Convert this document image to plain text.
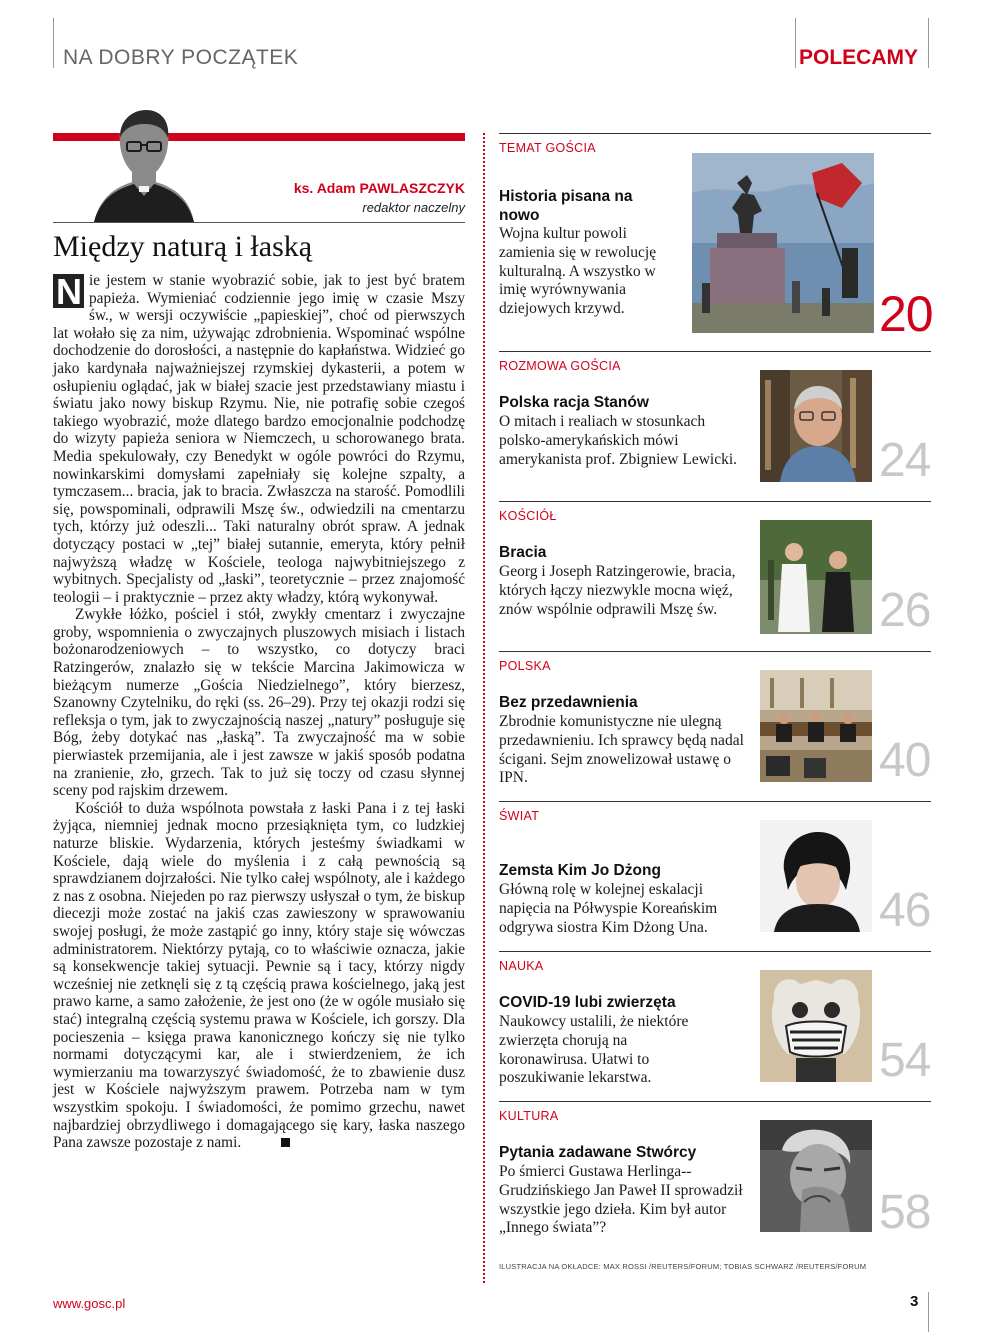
NA DOBRY POCZĄTEK	POLECAMY
ks. Adam PAWLASZCZYK
redaktor naczelny
Między naturą i łaską

N ie jestem w stanie wyobrazić sobie, jak to jest być bratem papieża. Wymieniać codziennie jego imię w czasie Mszy św., w wersji oczywiście „papieskiej”, choć od pierwszych lat wołało się za nim, używając zdrobnienia. Wspominać wspólne dochodzenie do dorosłości, a następnie do kapłaństwa. Widzieć go jako kardynała najważniejszej rzymskiej dykasterii, a potem w osłupieniu oglądać, jak w białej szacie jest przedstawiany miastu i światu jako nowy biskup Rzymu. Nie, nie potrafię sobie czegoś takiego wyobrazić, może dlatego bardzo emocjonalnie podchodzę do wizyty papieża seniora w Niemczech, u schorowanego brata. Media spekulowały, czy Benedykt w ogóle powróci do Rzymu, nowinkarskimi domysłami zapełniały się kolejne szpalty, a tymczasem... bracia, jak to bracia. Zwłaszcza na starość. Pomodlili się, powspominali, odprawili Mszę św., odwiedzili na cmentarzu tych, którzy już odeszli... Taki naturalny obrót spraw. A jednak dotyczący postaci w „tej” białej sutannie, emeryta, który pełnił najwyższą władzę w Kościele, teologa najwybitniejszego z wybitnych. Specjalisty od „łaski”, teoretycznie – przez znajomość teologii – i praktycznie – przez akty władzy, którą wykonywał.

Zwykłe łóżko, pościel i stół, zwykły cmentarz i zwyczajne groby, wspomnienia o zwyczajnych pluszowych misiach i listach bożonarodzeniowych – to wszystko, co dotyczy braci Ratzingerów, znalazło się w tekście Marcina Jakimowicza w bieżącym numerze „Gościa Niedzielnego”, który bierzesz, Szanowny Czytelniku, do ręki (ss. 26–29). Przy tej okazji rodzi się refleksja o tym, jak to zwyczajnością naszej „natury” posługuje się Bóg, żeby dotykać nas „łaską”. Ta zwyczajność ma w sobie pierwiastek przemijania, ale i jest zawsze w jakiś sposób podatna na zranienie, zło, grzech. Tak to już się toczy od czasu słynnej sceny pod rajskim drzewem.

Kościół to duża wspólnota powstała z łaski Pana i z tej łaski żyjąca, niemniej jednak mocno przesiąknięta tym, co ludzkiej naturze bliskie. Wydarzenia, których jesteśmy świadkami w Kościele, dają wiele do myślenia i z całą pewnością są sprawdzianem dojrzałości. Nie tylko całej wspólnoty, ale i każdego z nas z osobna. Niejeden po raz pierwszy usłyszał o tym, że biskup diecezji może zostać na jakiś czas zawieszony w sprawowaniu swojej posługi, że może zastąpić go inny, który staje się wówczas administratorem. Niektórzy pytają, co to właściwie oznacza, jakie są konsekwencje takiej sytuacji. Pewnie są i tacy, którzy nigdy wcześniej nie zetknęli się z tą częścią prawa kościelnego, jaką jest prawo karne, a samo założenie, że jest ono (że w ogóle musiało się stać) integralną częścią systemu prawa w Kościele, ich gorszy. Dla pocieszenia – księga prawa kanonicznego kończy się nie tylko normami dotyczącymi kar, ale i stwierdzeniem, że ich wymierzaniu ma towarzyszyć świadomość, że to zbawienie dusz jest w Kościele najwyższym prawem. Potrzeba nam w tym wszystkim spokoju. I świadomości, że pomimo grzechu, nawet najbardziej obrzydliwego i domagającego się kary, łaska naszego Pana zawsze pozostaje z nami.

TEMAT GOŚCIA
Historia pisana na nowo
Wojna kultur powoli zamienia się w rewolucję kulturalną. A wszystko w imię wyrównywania dziejowych krzywd.	20
ROZMOWA GOŚCIA
Polska racja Stanów
O mitach i realiach w stosunkach polsko-amerykańskich mówi amerykanista prof. Zbigniew Lewicki.	24
KOŚCIÓŁ
Bracia
Georg i Joseph Ratzingerowie, bracia, których łączy niezwykle mocna więź, znów wspólnie odprawili Mszę św.	26
POLSKA
Bez przedawnienia
Zbrodnie komunistyczne nie ulegną przedawnieniu. Ich sprawcy będą nadal ścigani. Sejm znowelizował ustawę o IPN.	40
ŚWIAT
Zemsta Kim Jo Dżong
Główną rolę w kolejnej eskalacji napięcia na Półwyspie Koreańskim odgrywa siostra Kim Dżong Una.	46
NAUKA
COVID-19 lubi zwierzęta
Naukowcy ustalili, że niektóre zwierzęta chorują na koronawirusa. Ułatwi to poszukiwanie lekarstwa.	54
KULTURA
Pytania zadawane Stwórcy
Po śmierci Gustawa Herlinga--Grudzińskiego Jan Paweł II sprowadził wszystkie jego dzieła. Kim był autor „Innego świata”?	58
ILUSTRACJA NA OKŁADCE: MAX ROSSI /REUTERS/FORUM; TOBIAS SCHWARZ /REUTERS/FORUM
www.gosc.pl	3
